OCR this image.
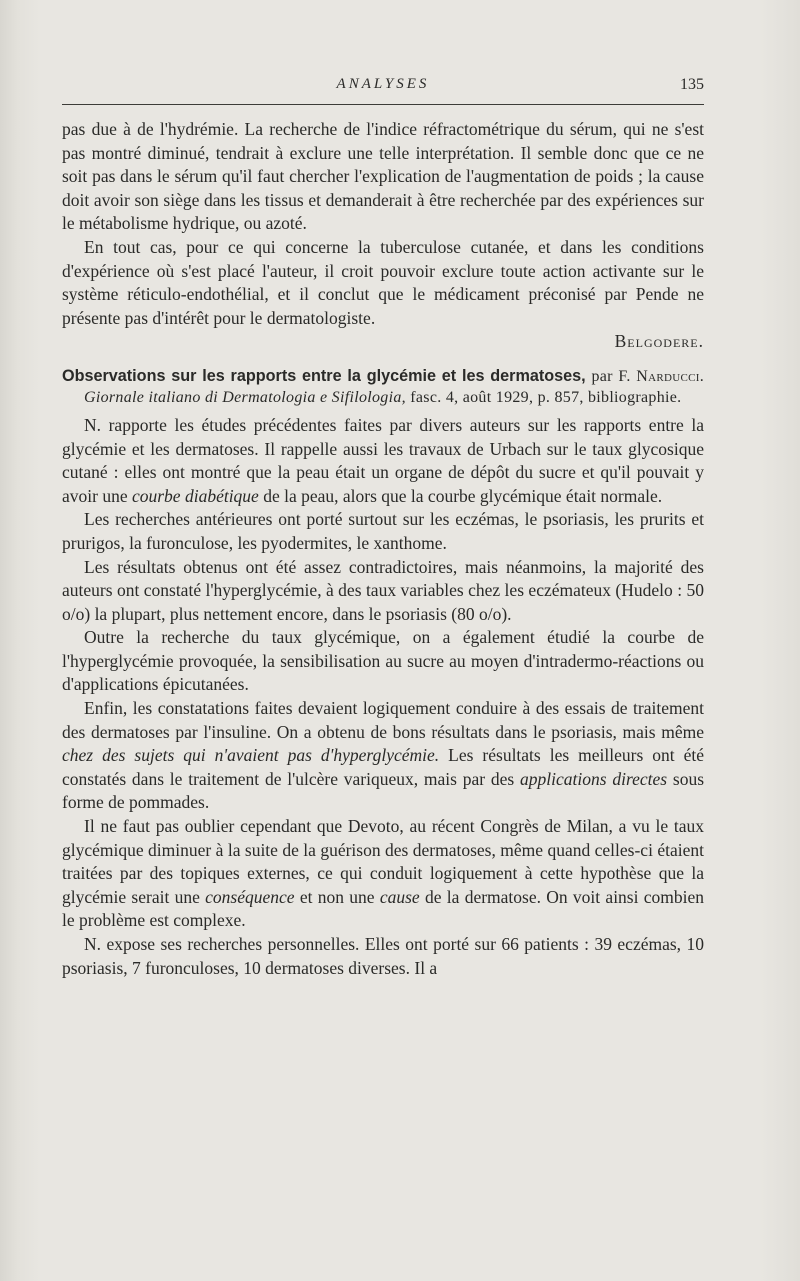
ANALYSES	135

pas due à de l'hydrémie. La recherche de l'indice réfractométrique du sérum, qui ne s'est pas montré diminué, tendrait à exclure une telle interprétation. Il semble donc que ce ne soit pas dans le sérum qu'il faut chercher l'explication de l'augmentation de poids ; la cause doit avoir son siège dans les tissus et demanderait à être recherchée par des expériences sur le métabolisme hydrique, ou azoté.

En tout cas, pour ce qui concerne la tuberculose cutanée, et dans les conditions d'expérience où s'est placé l'auteur, il croit pouvoir exclure toute action activante sur le système réticulo-endothélial, et il conclut que le médicament préconisé par Pende ne présente pas d'intérêt pour le dermatologiste.

Belgodere.
Observations sur les rapports entre la glycémie et les dermatoses, par F. Narducci. Giornale italiano di Dermatologia e Sifilologia, fasc. 4, août 1929, p. 857, bibliographie.

N. rapporte les études précédentes faites par divers auteurs sur les rapports entre la glycémie et les dermatoses. Il rappelle aussi les travaux de Urbach sur le taux glycosique cutané : elles ont montré que la peau était un organe de dépôt du sucre et qu'il pouvait y avoir une courbe diabétique de la peau, alors que la courbe glycémique était normale.

Les recherches antérieures ont porté surtout sur les eczémas, le psoriasis, les prurits et prurigos, la furonculose, les pyodermites, le xanthome.

Les résultats obtenus ont été assez contradictoires, mais néanmoins, la majorité des auteurs ont constaté l'hyperglycémie, à des taux variables chez les eczémateux (Hudelo : 50 o/o) la plupart, plus nettement encore, dans le psoriasis (80 o/o).

Outre la recherche du taux glycémique, on a également étudié la courbe de l'hyperglycémie provoquée, la sensibilisation au sucre au moyen d'intradermo-réactions ou d'applications épicutanées.

Enfin, les constatations faites devaient logiquement conduire à des essais de traitement des dermatoses par l'insuline. On a obtenu de bons résultats dans le psoriasis, mais même chez des sujets qui n'avaient pas d'hyperglycémie. Les résultats les meilleurs ont été constatés dans le traitement de l'ulcère variqueux, mais par des applications directes sous forme de pommades.

Il ne faut pas oublier cependant que Devoto, au récent Congrès de Milan, a vu le taux glycémique diminuer à la suite de la guérison des dermatoses, même quand celles-ci étaient traitées par des topiques externes, ce qui conduit logiquement à cette hypothèse que la glycémie serait une conséquence et non une cause de la dermatose. On voit ainsi combien le problème est complexe.

N. expose ses recherches personnelles. Elles ont porté sur 66 patients : 39 eczémas, 10 psoriasis, 7 furonculoses, 10 dermatoses diverses. Il a
